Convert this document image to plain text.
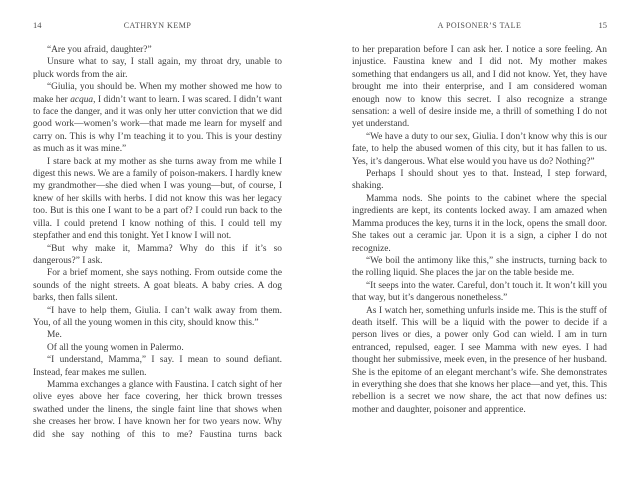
14	CATHRYN KEMP

“Are you afraid, daughter?”

Unsure what to say, I stall again, my throat dry, unable to pluck words from the air.

“Giulia, you should be. When my mother showed me how to make her acqua, I didn’t want to learn. I was scared. I didn’t want to face the danger, and it was only her utter conviction that we did good work—women’s work—that made me learn for myself and carry on. This is why I’m teaching it to you. This is your destiny as much as it was mine.”

I stare back at my mother as she turns away from me while I digest this news. We are a family of poison-makers. I hardly knew my grandmother—she died when I was young—but, of course, I knew of her skills with herbs. I did not know this was her legacy too. But is this one I want to be a part of? I could run back to the villa. I could pretend I know nothing of this. I could tell my stepfather and end this tonight. Yet I know I will not.

“But why make it, Mamma? Why do this if it’s so dangerous?” I ask.

For a brief moment, she says nothing. From outside come the sounds of the night streets. A goat bleats. A baby cries. A dog barks, then falls silent.

“I have to help them, Giulia. I can’t walk away from them. You, of all the young women in this city, should know this.”

Me.

Of all the young women in Palermo.

“I understand, Mamma,” I say. I mean to sound defiant. Instead, fear makes me sullen.

Mamma exchanges a glance with Faustina. I catch sight of her olive eyes above her face covering, her thick brown tresses swathed under the linens, the single faint line that shows when she creases her brow. I have known her for two years now. Why did she say nothing of this to me? Faustina turns back

A POISONER’S TALE	15

to her preparation before I can ask her. I notice a sore feeling. An injustice. Faustina knew and I did not. My mother makes something that endangers us all, and I did not know. Yet, they have brought me into their enterprise, and I am considered woman enough now to know this secret. I also recognize a strange sensation: a well of desire inside me, a thrill of something I do not yet understand.

“We have a duty to our sex, Giulia. I don’t know why this is our fate, to help the abused women of this city, but it has fallen to us. Yes, it’s dangerous. What else would you have us do? Nothing?”

Perhaps I should shout yes to that. Instead, I step forward, shaking.

Mamma nods. She points to the cabinet where the special ingredients are kept, its contents locked away. I am amazed when Mamma produces the key, turns it in the lock, opens the small door. She takes out a ceramic jar. Upon it is a sign, a cipher I do not recognize.

“We boil the antimony like this,” she instructs, turning back to the rolling liquid. She places the jar on the table beside me.

“It seeps into the water. Careful, don’t touch it. It won’t kill you that way, but it’s dangerous nonetheless.”

As I watch her, something unfurls inside me. This is the stuff of death itself. This will be a liquid with the power to decide if a person lives or dies, a power only God can wield. I am in turn entranced, repulsed, eager. I see Mamma with new eyes. I had thought her submissive, meek even, in the presence of her husband. She is the epitome of an elegant merchant’s wife. She demonstrates in everything she does that she knows her place—and yet, this. This rebellion is a secret we now share, the act that now defines us: mother and daughter, poisoner and apprentice.
